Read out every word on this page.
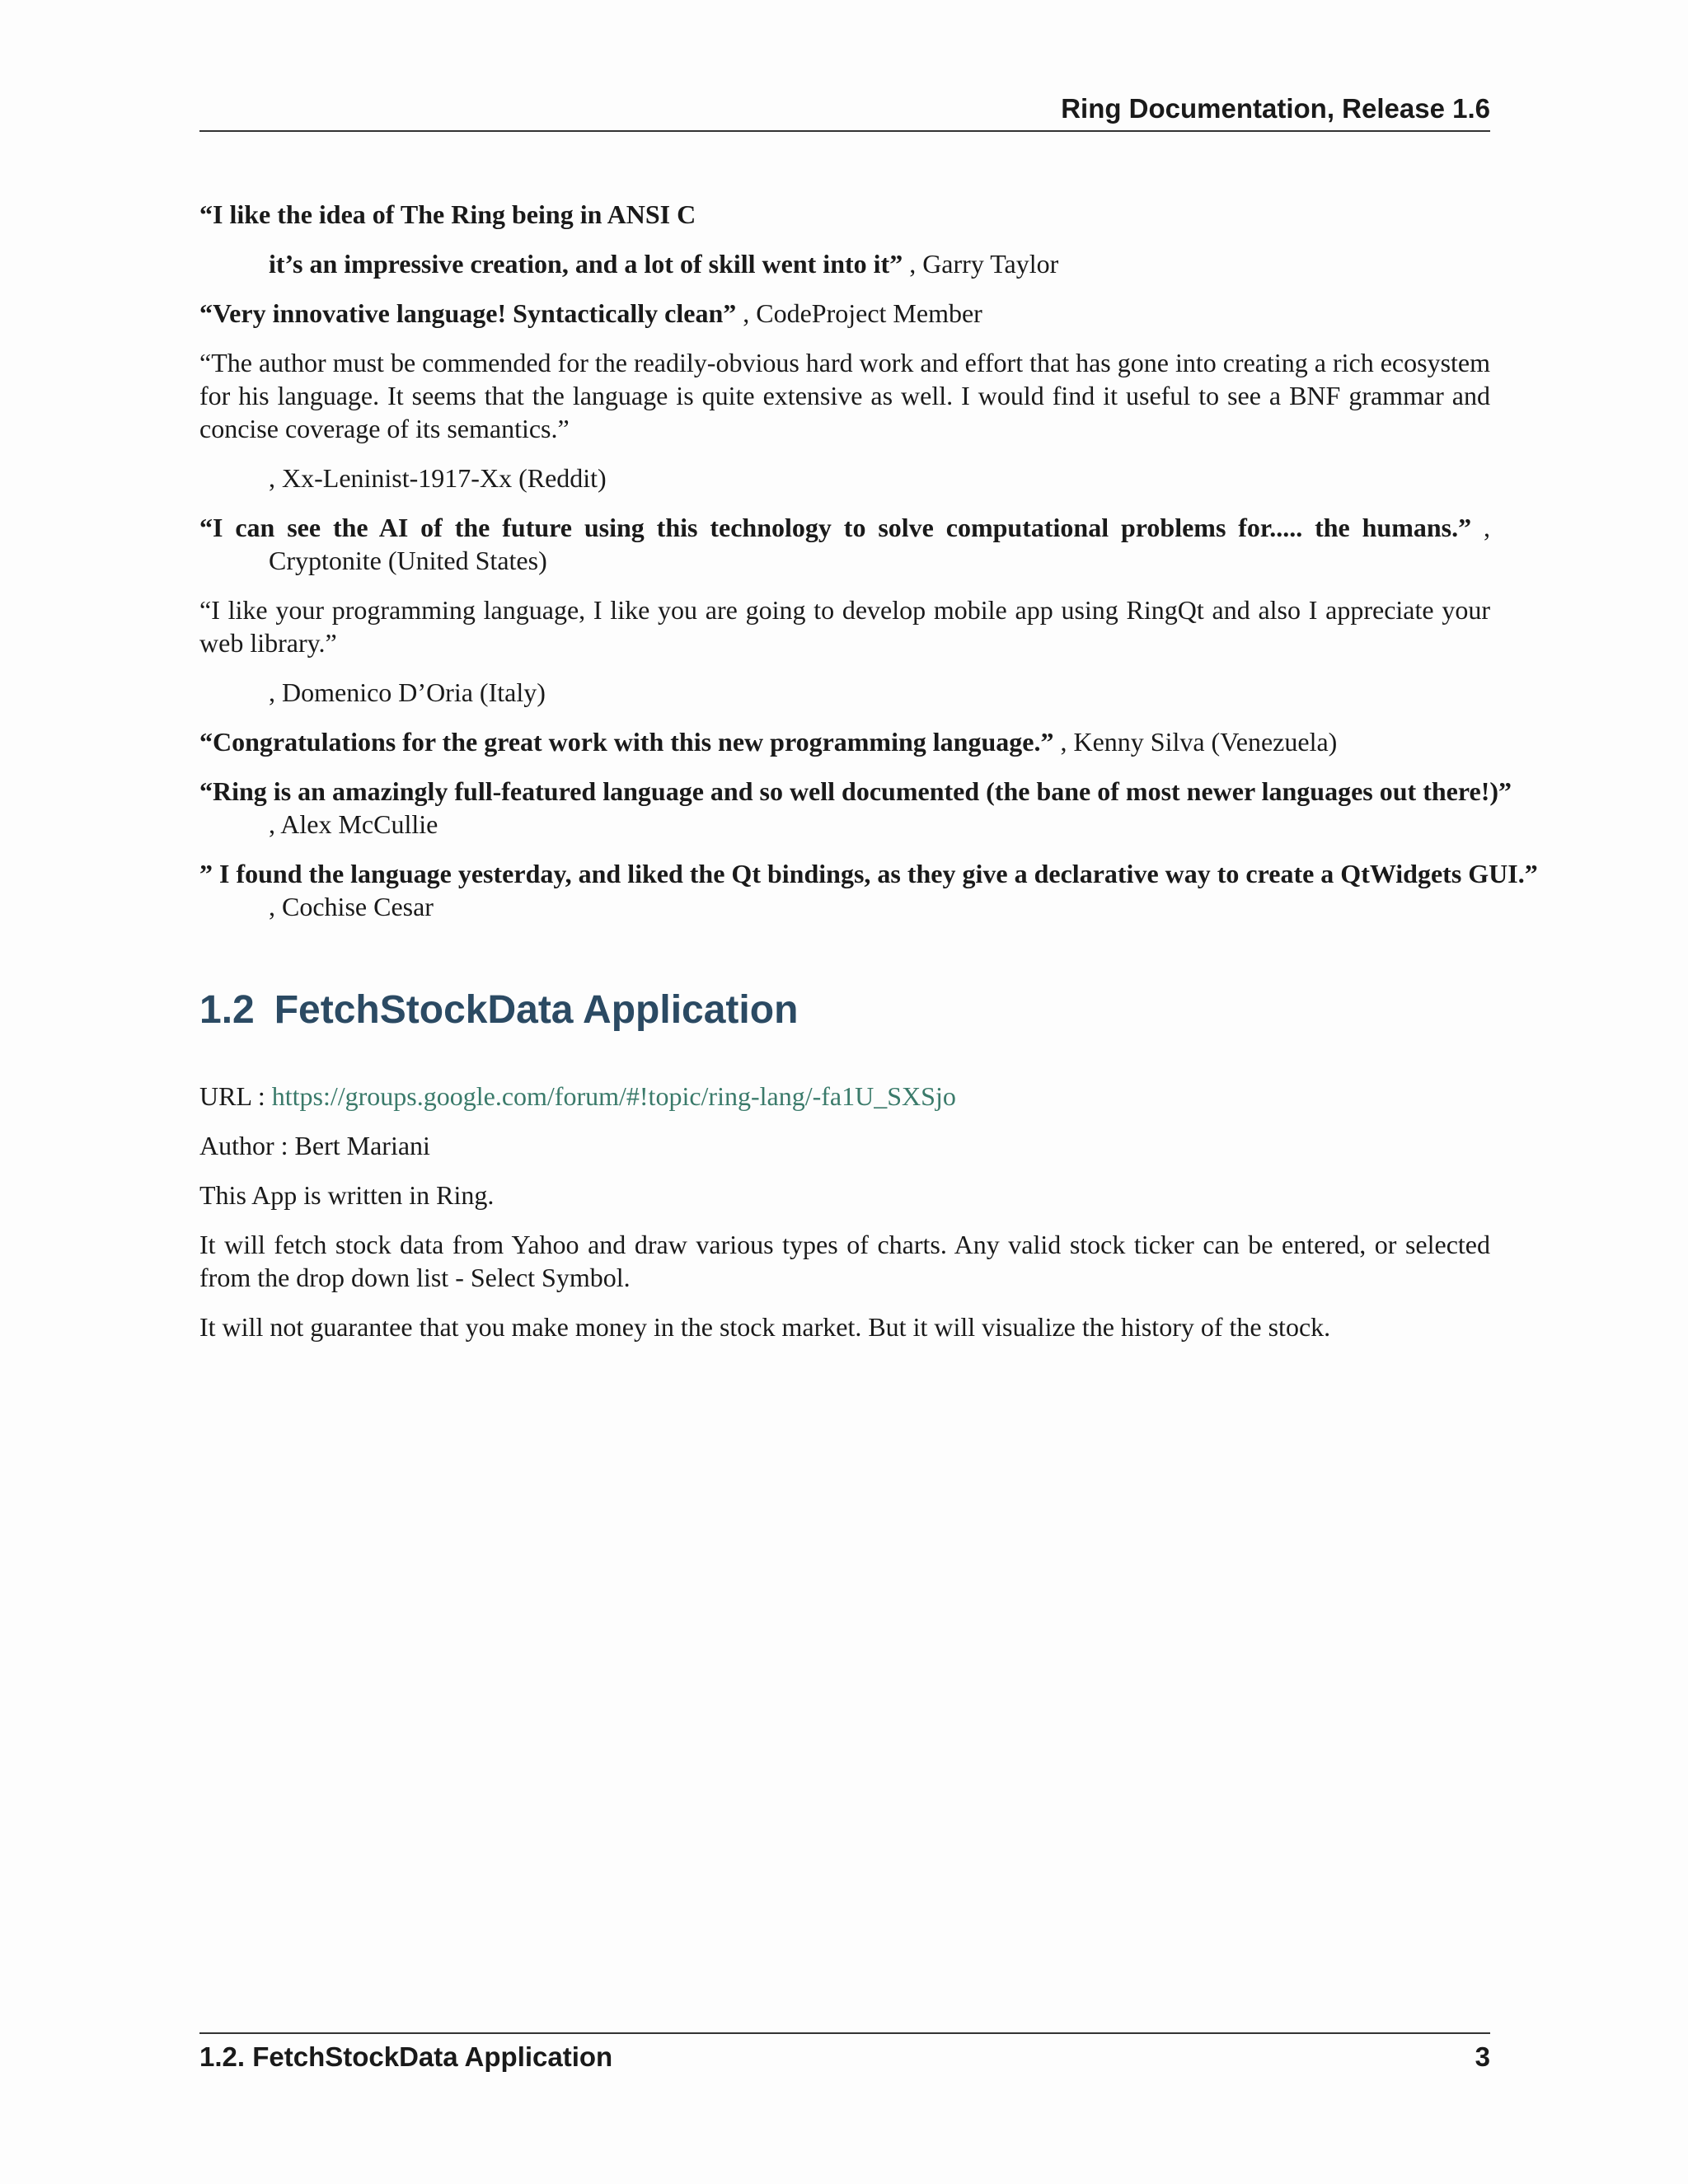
Ring Documentation, Release 1.6
“I like the idea of The Ring being in ANSI C
it’s an impressive creation, and a lot of skill went into it” , Garry Taylor
“Very innovative language! Syntactically clean” , CodeProject Member
“The author must be commended for the readily-obvious hard work and effort that has gone into creating a rich ecosystem for his language. It seems that the language is quite extensive as well. I would find it useful to see a BNF grammar and concise coverage of its semantics.”
, Xx-Leninist-1917-Xx (Reddit)
“I can see the AI of the future using this technology to solve computational problems for..... the humans.” , Cryptonite (United States)
“I like your programming language, I like you are going to develop mobile app using RingQt and also I appreciate your web library.”
, Domenico D’Oria (Italy)
“Congratulations for the great work with this new programming language.” , Kenny Silva (Venezuela)
“Ring is an amazingly full-featured language and so well documented (the bane of most newer languages out there!)”
, Alex McCullie
” I found the language yesterday, and liked the Qt bindings, as they give a declarative way to create a QtWidgets GUI.”
, Cochise Cesar
1.2 FetchStockData Application
URL : https://groups.google.com/forum/#!topic/ring-lang/-fa1U_SXSjo
Author : Bert Mariani
This App is written in Ring.
It will fetch stock data from Yahoo and draw various types of charts. Any valid stock ticker can be entered, or selected from the drop down list - Select Symbol.
It will not guarantee that you make money in the stock market. But it will visualize the history of the stock.
1.2. FetchStockData Application	3
